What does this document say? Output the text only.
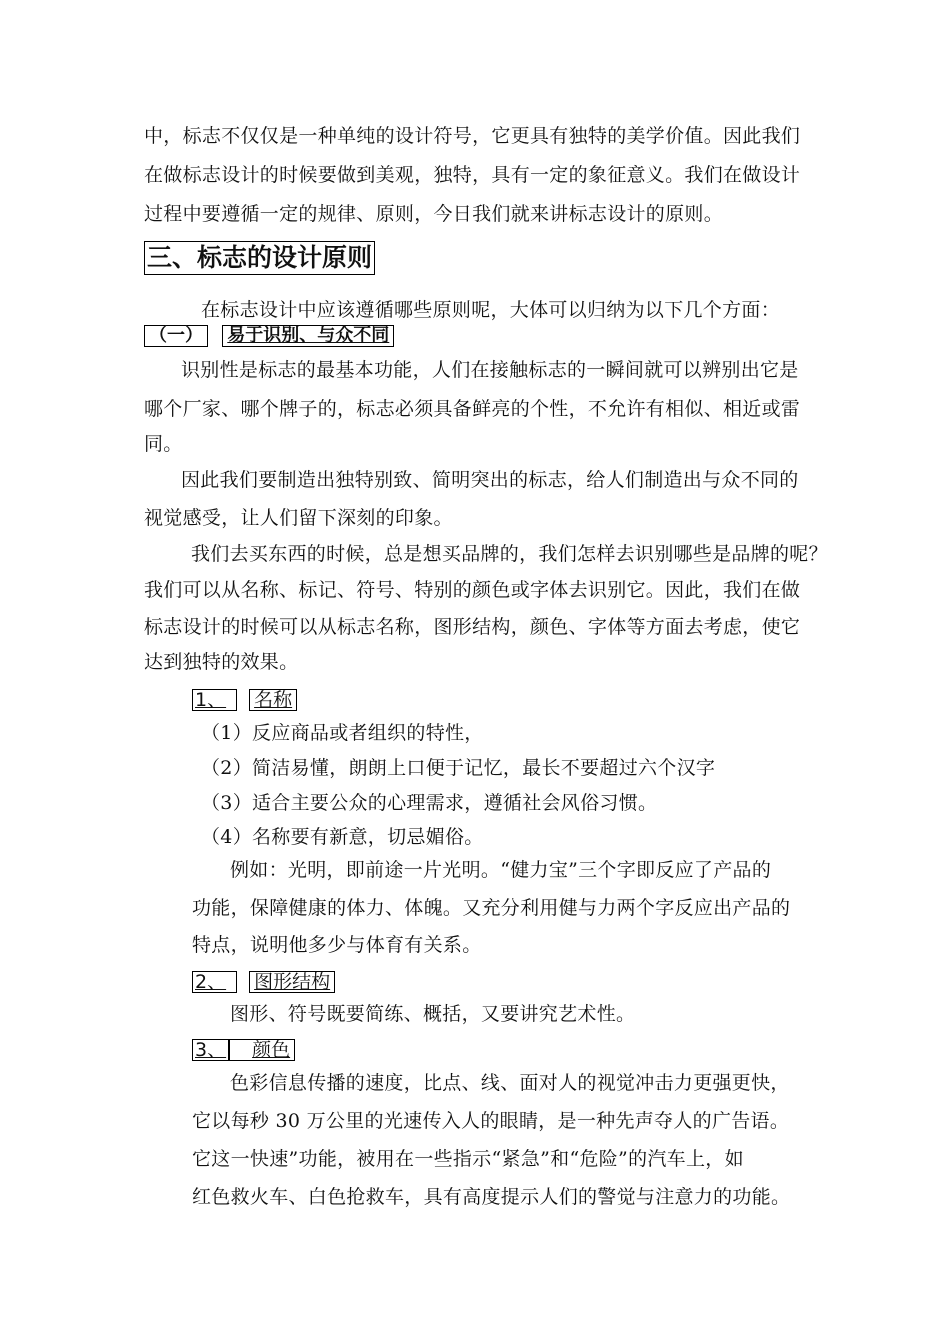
中，标志不仅仅是一种单纯的设计符号，它更具有独特的美学价值。因此我们
在做标志设计的时候要做到美观，独特，具有一定的象征意义。我们在做设计
过程中要遵循一定的规律、原则，今日我们就来讲标志设计的原则。
三、标志的设计原则
在标志设计中应该遵循哪些原则呢，大体可以归纳为以下几个方面：
（一） 易于识别、与众不同
识别性是标志的最基本功能，人们在接触标志的一瞬间就可以辨别出它是
哪个厂家、哪个牌子的，标志必须具备鲜亮的个性，不允许有相似、相近或雷
同。
因此我们要制造出独特别致、简明突出的标志，给人们制造出与众不同的
视觉感受，让人们留下深刻的印象。
我们去买东西的时候，总是想买品牌的，我们怎样去识别哪些是品牌的呢？
我们可以从名称、标记、符号、特别的颜色或字体去识别它。因此，我们在做
标志设计的时候可以从标志名称，图形结构，颜色、字体等方面去考虑，使它
达到独特的效果。
1、 名称
（1）反应商品或者组织的特性，
（2）简洁易懂，朗朗上口便于记忆，最长不要超过六个汉字
（3）适合主要公众的心理需求，遵循社会风俗习惯。
（4）名称要有新意，切忌媚俗。
例如：光明，即前途一片光明。“健力宝”三个字即反应了产品的
功能，保障健康的体力、体魄。又充分利用健与力两个字反应出产品的
特点，说明他多少与体育有关系。
2、 图形结构
图形、符号既要简练、概括，又要讲究艺术性。
3、 颜色
色彩信息传播的速度，比点、线、面对人的视觉冲击力更强更快，
它以每秒 30 万公里的光速传入人的眼睛，是一种先声夺人的广告语。
它这一快速”功能，被用在一些指示“紧急”和“危险”的汽车上，如
红色救火车、白色抢救车，具有高度提示人们的警觉与注意力的功能。
